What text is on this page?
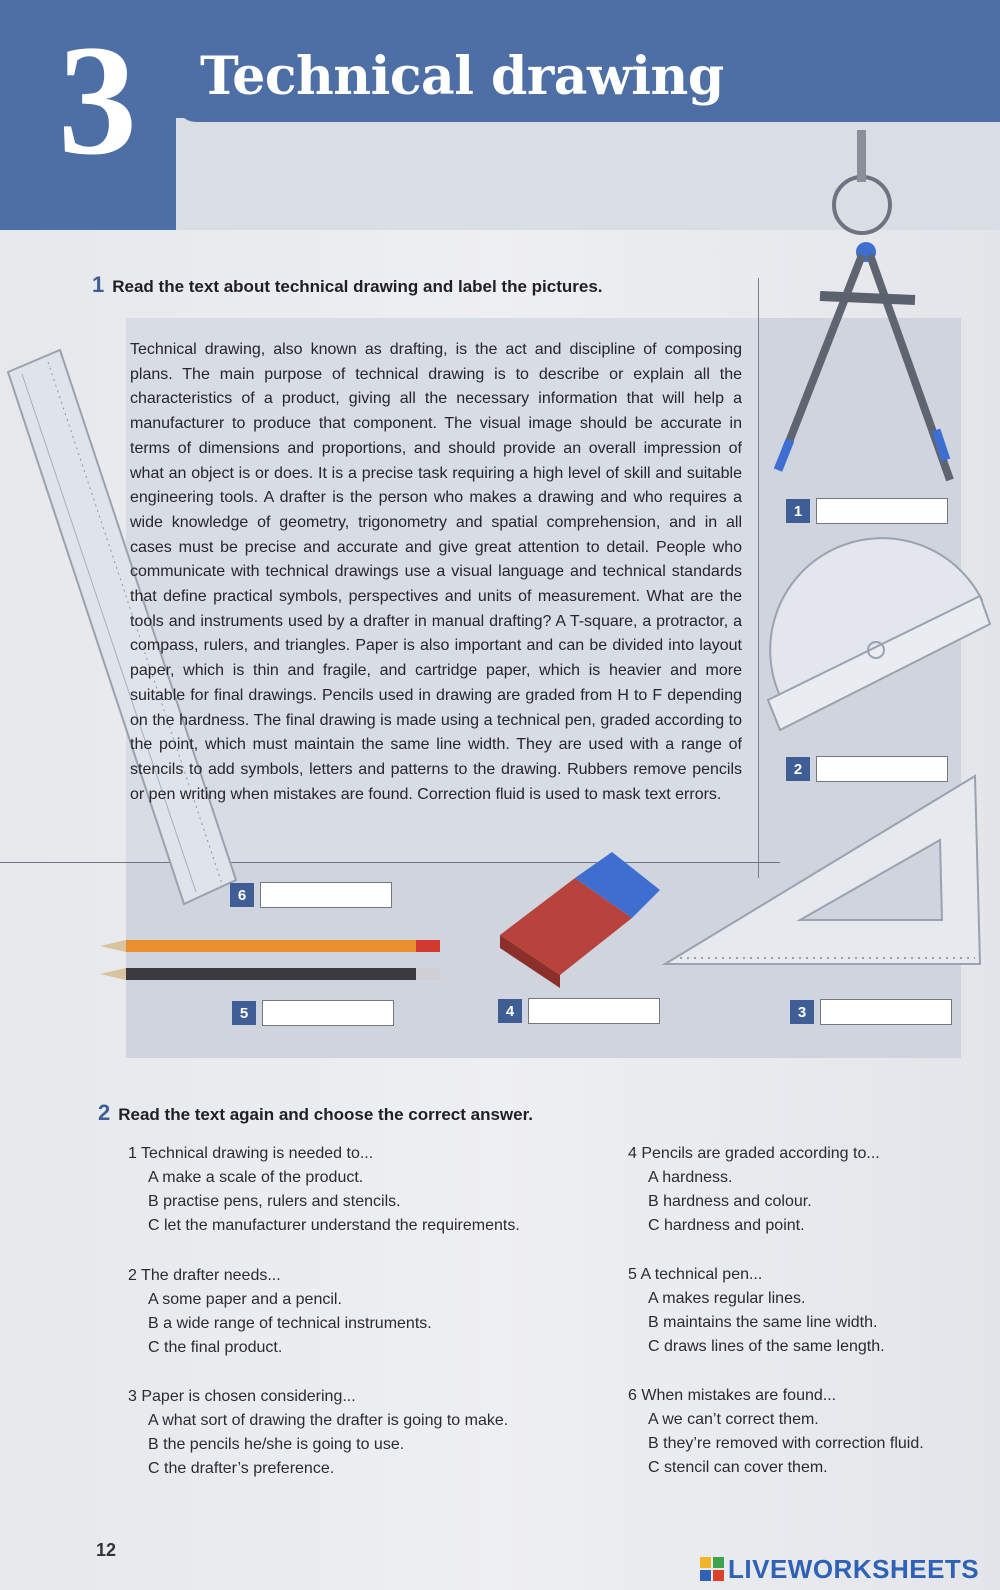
3 Technical drawing
1 Read the text about technical drawing and label the pictures.

Technical drawing, also known as drafting, is the act and discipline of composing plans. The main purpose of technical drawing is to describe or explain all the characteristics of a product, giving all the necessary information that will help a manufacturer to produce that component. The visual image should be accurate in terms of dimensions and proportions, and should provide an overall impression of what an object is or does. It is a precise task requiring a high level of skill and suitable engineering tools. A drafter is the person who makes a drawing and who requires a wide knowledge of geometry, trigonometry and spatial comprehension, and in all cases must be precise and accurate and give great attention to detail. People who communicate with technical drawings use a visual language and technical standards that define practical symbols, perspectives and units of measurement. What are the tools and instruments used by a drafter in manual drafting? A T-square, a protractor, a compass, rulers, and triangles. Paper is also important and can be divided into layout paper, which is thin and fragile, and cartridge paper, which is heavier and more suitable for final drawings. Pencils used in drawing are graded from H to F depending on the hardness. The final drawing is made using a technical pen, graded according to the point, which must maintain the same line width. They are used with a range of stencils to add symbols, letters and patterns to the drawing. Rubbers remove pencils or pen writing when mistakes are found. Correction fluid is used to mask text errors.

1
2
3
4
5
6
2 Read the text again and choose the correct answer.
1 Technical drawing is needed to...
A make a scale of the product.
B practise pens, rulers and stencils.
C let the manufacturer understand the requirements.
2 The drafter needs...
A some paper and a pencil.
B a wide range of technical instruments.
C the final product.
3 Paper is chosen considering...
A what sort of drawing the drafter is going to make.
B the pencils he/she is going to use.
C the drafter’s preference.
4 Pencils are graded according to...
A hardness.
B hardness and colour.
C hardness and point.
5 A technical pen...
A makes regular lines.
B maintains the same line width.
C draws lines of the same length.
6 When mistakes are found...
A we can’t correct them.
B they’re removed with correction fluid.
C stencil can cover them.
12
LIVEWORKSHEETS
